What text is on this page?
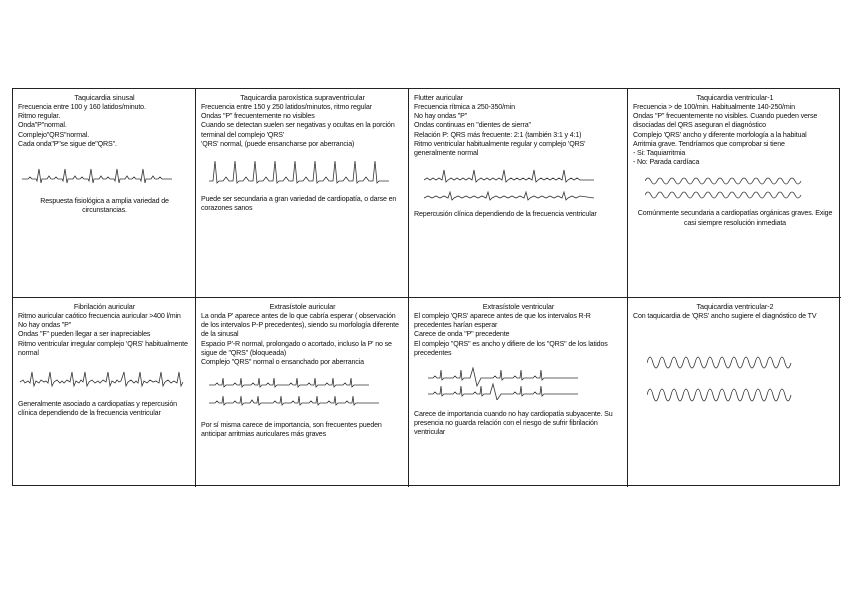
Taquicardia sinusal
Frecuencia entre 100 y 160 latidos/minuto.
Ritmo regular.
Onda"P"normal.
Complejo"QRS"normal.
Cada onda"P"se sigue de"QRS".
Respuesta fisiológica a amplia variedad de circunstancias.
Taquicardia paroxística supraventricular
Frecuencia entre 150 y 250 latidos/minutos, ritmo regular
Ondas "P" frecuentemente no visibles
Cuando se detectan suelen ser negativas y ocultas en la porción terminal del complejo 'QRS'
'QRS' normal, (puede ensancharse por aberrancia)
Puede ser secundaria a gran variedad de cardiopatía, o darse en corazones sanos
Flutter auricular
Frecuencia rítmica a 250-350/min
No hay ondas "P"
Ondas continuas en "dientes de sierra"
Relación P: QRS más frecuente: 2:1 (también 3:1 y 4:1)
Ritmo ventricular habitualmente regular y complejo 'QRS' generalmente normal
Repercusión clínica dependiendo de la frecuencia ventricular
Taquicardia ventricular-1
Frecuencia > de 100/min. Habitualmente 140-250/min
Ondas "P" frecuentemente no visibles. Cuando pueden verse disociadas del QRS aseguran el diagnóstico
Complejo 'QRS' ancho y diferente morfología a la habitual
Arritmia grave. Tendríamos que comprobar si tiene
- Si: Taquiarritmia
- No: Parada cardíaca
Comúnmente secundaria a cardiopatías orgánicas graves. Exige casi siempre resolución inmediata
Fibrilación auricular
Ritmo auricular caótico frecuencia auricular >400 l/min
No hay ondas "P"
Ondas "F" pueden llegar a ser inapreciables
Ritmo ventricular irregular complejo 'QRS' habitualmente normal
Generalmente asociado a cardiopatías y repercusión clínica dependiendo de la frecuencia ventricular
Extrasístole auricular
La onda P' aparece antes de lo que cabría esperar ( observación de los intervalos P-P precedentes), siendo su morfología diferente de la sinusal
Espacio P'-R normal, prolongado o acortado, incluso la P' no se sigue de "QRS" (bloqueada)
Complejo "QRS" normal o ensanchado por aberrancia
Por sí misma carece de importancia, son frecuentes pueden anticipar arritmias auriculares más graves
Extrasístole ventricular
El complejo 'QRS' aparece antes de que los intervalos R-R precedentes harían esperar
Carece de onda "P" precedente
El complejo "QRS" es ancho y difiere de los "QRS" de los latidos precedentes
Carece de importancia cuando no hay cardiopatía subyacente. Su presencia no guarda relación con el riesgo de sufrir fibrilación ventricular
Taquicardia ventricular-2
Con taquicardia de 'QRS' ancho sugiere el diagnóstico de TV
